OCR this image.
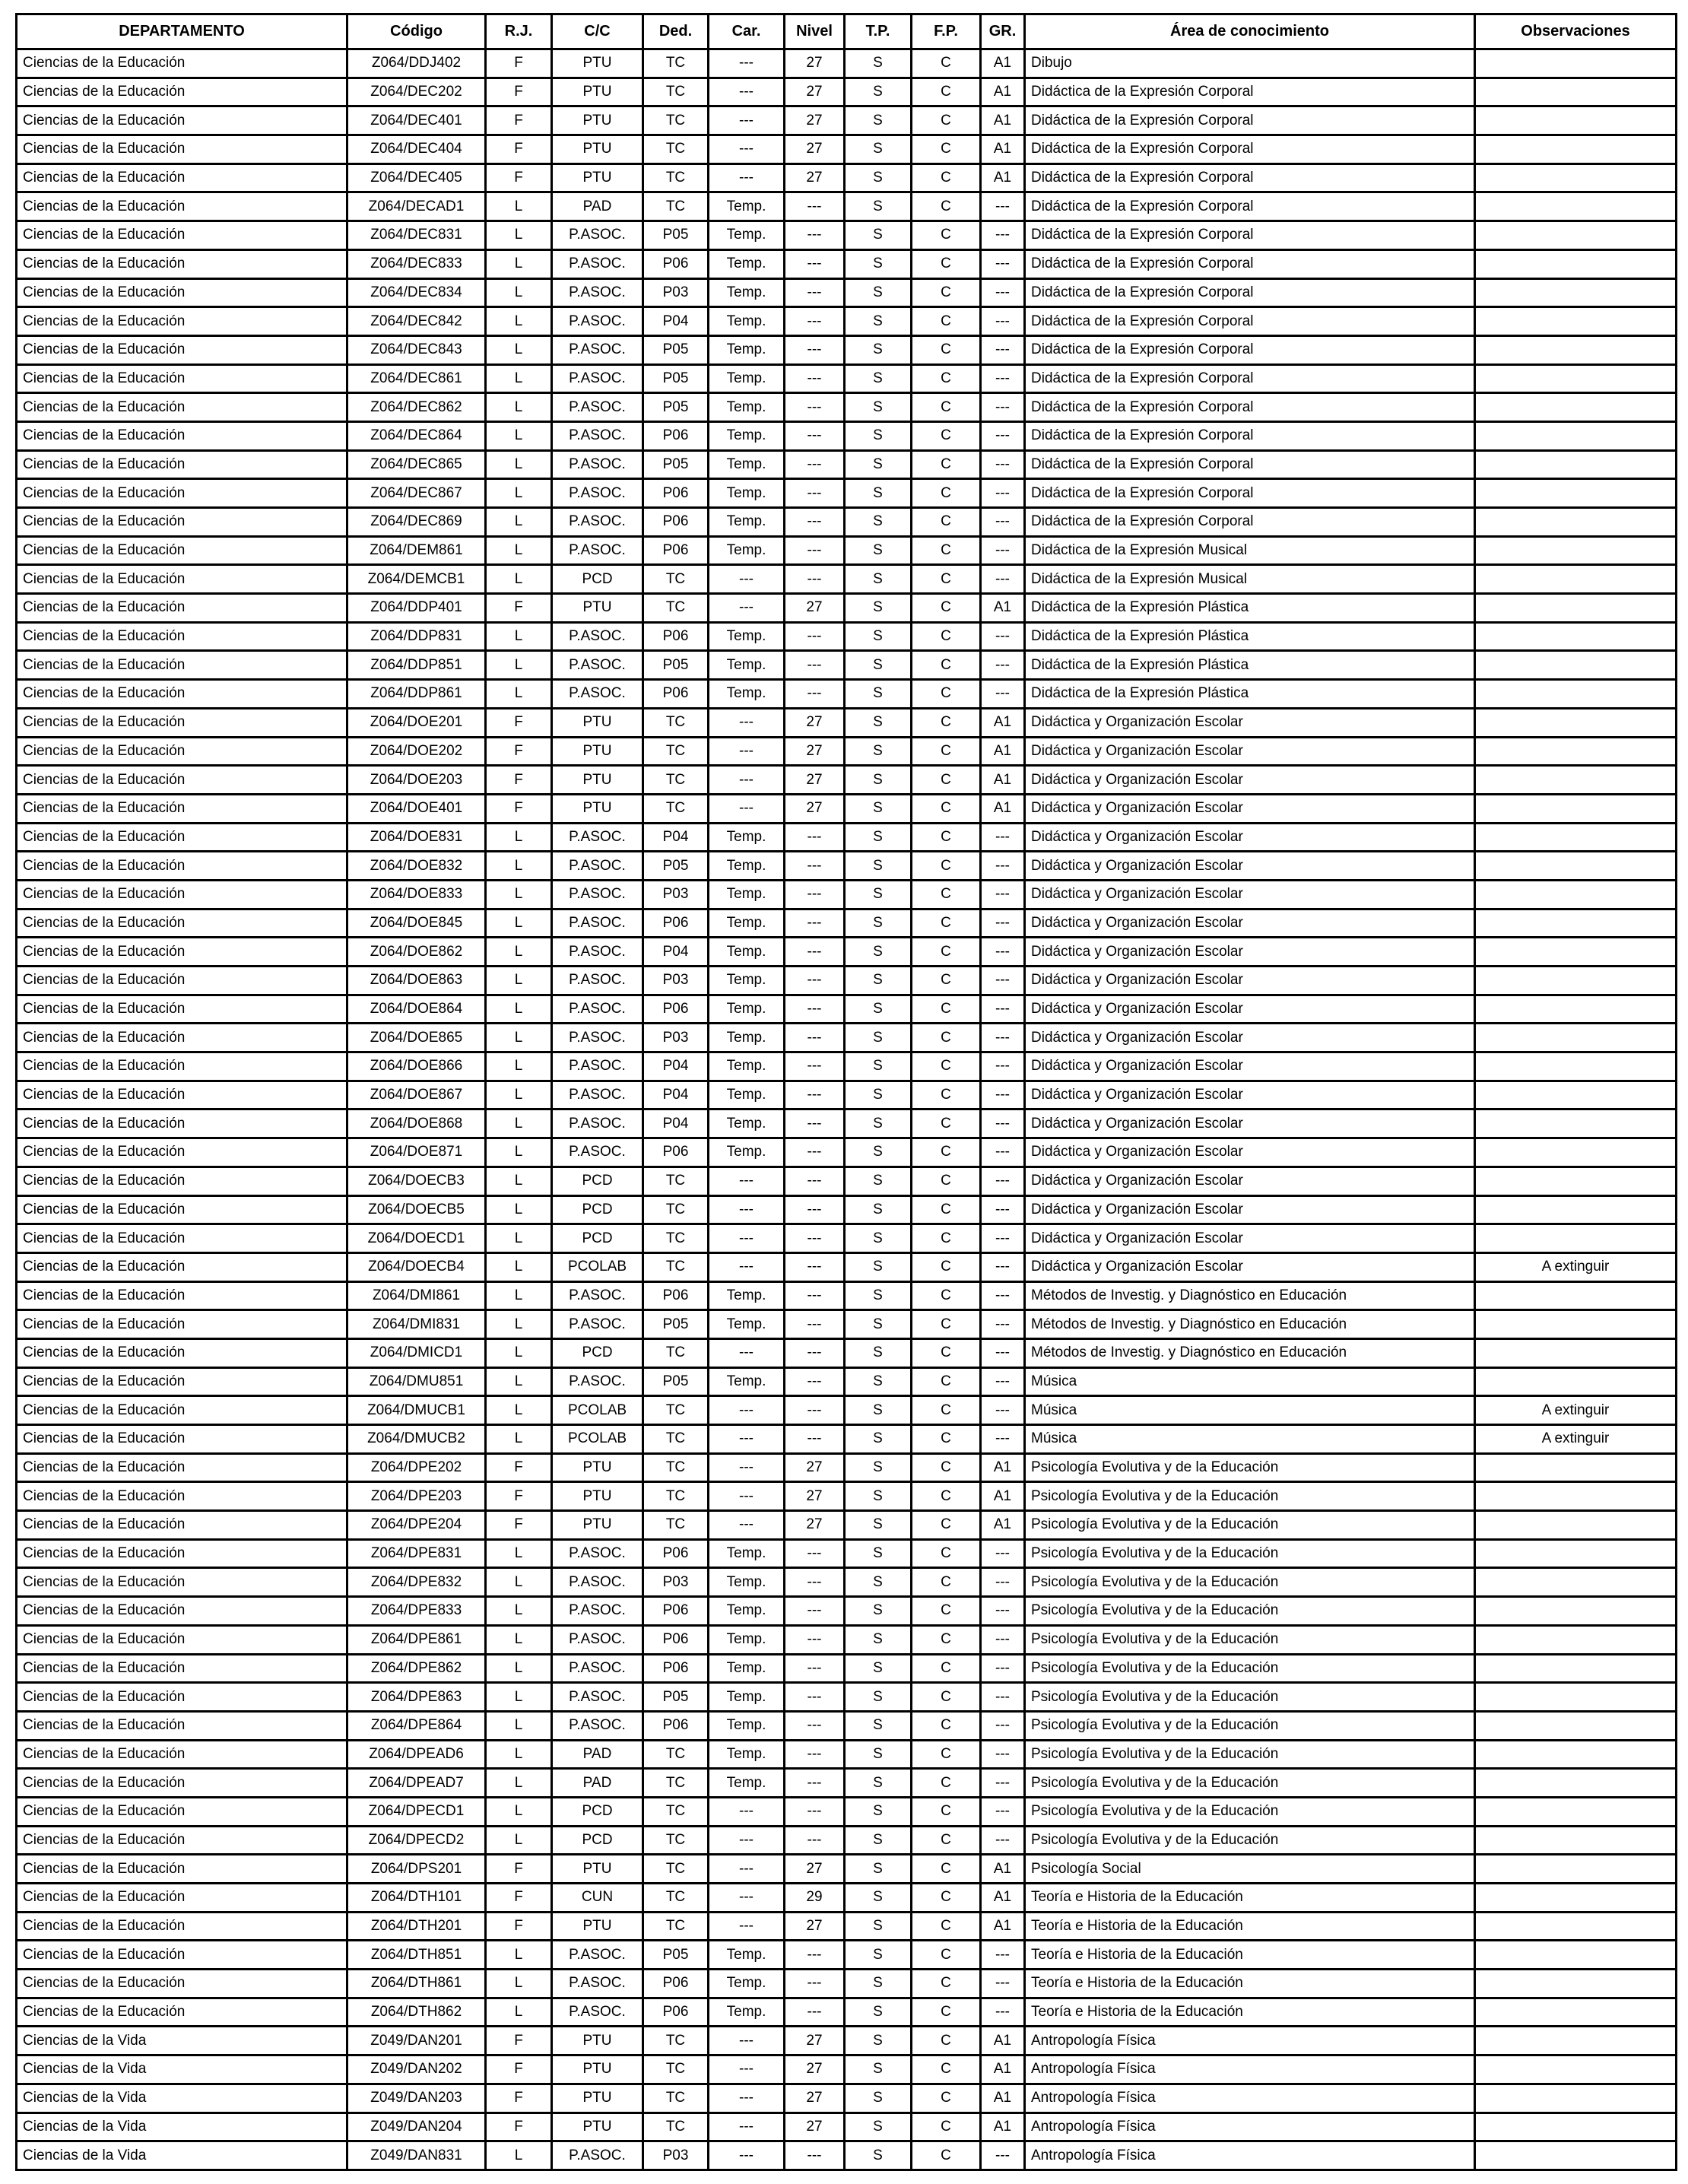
DEPARTAMENTO	Código	R.J.	C/C	Ded.	Car.	Nivel	T.P.	F.P.	GR.	Área de conocimiento	Observaciones
Ciencias de la Educación	Z064/DDJ402	F	PTU	TC	---	27	S	C	A1	Dibujo	
Ciencias de la Educación	Z064/DEC202	F	PTU	TC	---	27	S	C	A1	Didáctica de la Expresión Corporal	
Ciencias de la Educación	Z064/DEC401	F	PTU	TC	---	27	S	C	A1	Didáctica de la Expresión Corporal	
Ciencias de la Educación	Z064/DEC404	F	PTU	TC	---	27	S	C	A1	Didáctica de la Expresión Corporal	
Ciencias de la Educación	Z064/DEC405	F	PTU	TC	---	27	S	C	A1	Didáctica de la Expresión Corporal	
Ciencias de la Educación	Z064/DECAD1	L	PAD	TC	Temp.	---	S	C	---	Didáctica de la Expresión Corporal	
Ciencias de la Educación	Z064/DEC831	L	P.ASOC.	P05	Temp.	---	S	C	---	Didáctica de la Expresión Corporal	
Ciencias de la Educación	Z064/DEC833	L	P.ASOC.	P06	Temp.	---	S	C	---	Didáctica de la Expresión Corporal	
Ciencias de la Educación	Z064/DEC834	L	P.ASOC.	P03	Temp.	---	S	C	---	Didáctica de la Expresión Corporal	
Ciencias de la Educación	Z064/DEC842	L	P.ASOC.	P04	Temp.	---	S	C	---	Didáctica de la Expresión Corporal	
Ciencias de la Educación	Z064/DEC843	L	P.ASOC.	P05	Temp.	---	S	C	---	Didáctica de la Expresión Corporal	
Ciencias de la Educación	Z064/DEC861	L	P.ASOC.	P05	Temp.	---	S	C	---	Didáctica de la Expresión Corporal	
Ciencias de la Educación	Z064/DEC862	L	P.ASOC.	P05	Temp.	---	S	C	---	Didáctica de la Expresión Corporal	
Ciencias de la Educación	Z064/DEC864	L	P.ASOC.	P06	Temp.	---	S	C	---	Didáctica de la Expresión Corporal	
Ciencias de la Educación	Z064/DEC865	L	P.ASOC.	P05	Temp.	---	S	C	---	Didáctica de la Expresión Corporal	
Ciencias de la Educación	Z064/DEC867	L	P.ASOC.	P06	Temp.	---	S	C	---	Didáctica de la Expresión Corporal	
Ciencias de la Educación	Z064/DEC869	L	P.ASOC.	P06	Temp.	---	S	C	---	Didáctica de la Expresión Corporal	
Ciencias de la Educación	Z064/DEM861	L	P.ASOC.	P06	Temp.	---	S	C	---	Didáctica de la Expresión Musical	
Ciencias de la Educación	Z064/DEMCB1	L	PCD	TC	---	---	S	C	---	Didáctica de la Expresión Musical	
Ciencias de la Educación	Z064/DDP401	F	PTU	TC	---	27	S	C	A1	Didáctica de la Expresión Plástica	
Ciencias de la Educación	Z064/DDP831	L	P.ASOC.	P06	Temp.	---	S	C	---	Didáctica de la Expresión Plástica	
Ciencias de la Educación	Z064/DDP851	L	P.ASOC.	P05	Temp.	---	S	C	---	Didáctica de la Expresión Plástica	
Ciencias de la Educación	Z064/DDP861	L	P.ASOC.	P06	Temp.	---	S	C	---	Didáctica de la Expresión Plástica	
Ciencias de la Educación	Z064/DOE201	F	PTU	TC	---	27	S	C	A1	Didáctica y Organización Escolar	
Ciencias de la Educación	Z064/DOE202	F	PTU	TC	---	27	S	C	A1	Didáctica y Organización Escolar	
Ciencias de la Educación	Z064/DOE203	F	PTU	TC	---	27	S	C	A1	Didáctica y Organización Escolar	
Ciencias de la Educación	Z064/DOE401	F	PTU	TC	---	27	S	C	A1	Didáctica y Organización Escolar	
Ciencias de la Educación	Z064/DOE831	L	P.ASOC.	P04	Temp.	---	S	C	---	Didáctica y Organización Escolar	
Ciencias de la Educación	Z064/DOE832	L	P.ASOC.	P05	Temp.	---	S	C	---	Didáctica y Organización Escolar	
Ciencias de la Educación	Z064/DOE833	L	P.ASOC.	P03	Temp.	---	S	C	---	Didáctica y Organización Escolar	
Ciencias de la Educación	Z064/DOE845	L	P.ASOC.	P06	Temp.	---	S	C	---	Didáctica y Organización Escolar	
Ciencias de la Educación	Z064/DOE862	L	P.ASOC.	P04	Temp.	---	S	C	---	Didáctica y Organización Escolar	
Ciencias de la Educación	Z064/DOE863	L	P.ASOC.	P03	Temp.	---	S	C	---	Didáctica y Organización Escolar	
Ciencias de la Educación	Z064/DOE864	L	P.ASOC.	P06	Temp.	---	S	C	---	Didáctica y Organización Escolar	
Ciencias de la Educación	Z064/DOE865	L	P.ASOC.	P03	Temp.	---	S	C	---	Didáctica y Organización Escolar	
Ciencias de la Educación	Z064/DOE866	L	P.ASOC.	P04	Temp.	---	S	C	---	Didáctica y Organización Escolar	
Ciencias de la Educación	Z064/DOE867	L	P.ASOC.	P04	Temp.	---	S	C	---	Didáctica y Organización Escolar	
Ciencias de la Educación	Z064/DOE868	L	P.ASOC.	P04	Temp.	---	S	C	---	Didáctica y Organización Escolar	
Ciencias de la Educación	Z064/DOE871	L	P.ASOC.	P06	Temp.	---	S	C	---	Didáctica y Organización Escolar	
Ciencias de la Educación	Z064/DOECB3	L	PCD	TC	---	---	S	C	---	Didáctica y Organización Escolar	
Ciencias de la Educación	Z064/DOECB5	L	PCD	TC	---	---	S	C	---	Didáctica y Organización Escolar	
Ciencias de la Educación	Z064/DOECD1	L	PCD	TC	---	---	S	C	---	Didáctica y Organización Escolar	
Ciencias de la Educación	Z064/DOECB4	L	PCOLAB	TC	---	---	S	C	---	Didáctica y Organización Escolar	A extinguir
Ciencias de la Educación	Z064/DMI861	L	P.ASOC.	P06	Temp.	---	S	C	---	Métodos de Investig. y Diagnóstico en Educación	
Ciencias de la Educación	Z064/DMI831	L	P.ASOC.	P05	Temp.	---	S	C	---	Métodos de Investig. y Diagnóstico en Educación	
Ciencias de la Educación	Z064/DMICD1	L	PCD	TC	---	---	S	C	---	Métodos de Investig. y Diagnóstico en Educación	
Ciencias de la Educación	Z064/DMU851	L	P.ASOC.	P05	Temp.	---	S	C	---	Música	
Ciencias de la Educación	Z064/DMUCB1	L	PCOLAB	TC	---	---	S	C	---	Música	A extinguir
Ciencias de la Educación	Z064/DMUCB2	L	PCOLAB	TC	---	---	S	C	---	Música	A extinguir
Ciencias de la Educación	Z064/DPE202	F	PTU	TC	---	27	S	C	A1	Psicología Evolutiva y de la Educación	
Ciencias de la Educación	Z064/DPE203	F	PTU	TC	---	27	S	C	A1	Psicología Evolutiva y de la Educación	
Ciencias de la Educación	Z064/DPE204	F	PTU	TC	---	27	S	C	A1	Psicología Evolutiva y de la Educación	
Ciencias de la Educación	Z064/DPE831	L	P.ASOC.	P06	Temp.	---	S	C	---	Psicología Evolutiva y de la Educación	
Ciencias de la Educación	Z064/DPE832	L	P.ASOC.	P03	Temp.	---	S	C	---	Psicología Evolutiva y de la Educación	
Ciencias de la Educación	Z064/DPE833	L	P.ASOC.	P06	Temp.	---	S	C	---	Psicología Evolutiva y de la Educación	
Ciencias de la Educación	Z064/DPE861	L	P.ASOC.	P06	Temp.	---	S	C	---	Psicología Evolutiva y de la Educación	
Ciencias de la Educación	Z064/DPE862	L	P.ASOC.	P06	Temp.	---	S	C	---	Psicología Evolutiva y de la Educación	
Ciencias de la Educación	Z064/DPE863	L	P.ASOC.	P05	Temp.	---	S	C	---	Psicología Evolutiva y de la Educación	
Ciencias de la Educación	Z064/DPE864	L	P.ASOC.	P06	Temp.	---	S	C	---	Psicología Evolutiva y de la Educación	
Ciencias de la Educación	Z064/DPEAD6	L	PAD	TC	Temp.	---	S	C	---	Psicología Evolutiva y de la Educación	
Ciencias de la Educación	Z064/DPEAD7	L	PAD	TC	Temp.	---	S	C	---	Psicología Evolutiva y de la Educación	
Ciencias de la Educación	Z064/DPECD1	L	PCD	TC	---	---	S	C	---	Psicología Evolutiva y de la Educación	
Ciencias de la Educación	Z064/DPECD2	L	PCD	TC	---	---	S	C	---	Psicología Evolutiva y de la Educación	
Ciencias de la Educación	Z064/DPS201	F	PTU	TC	---	27	S	C	A1	Psicología Social	
Ciencias de la Educación	Z064/DTH101	F	CUN	TC	---	29	S	C	A1	Teoría e Historia de la Educación	
Ciencias de la Educación	Z064/DTH201	F	PTU	TC	---	27	S	C	A1	Teoría e Historia de la Educación	
Ciencias de la Educación	Z064/DTH851	L	P.ASOC.	P05	Temp.	---	S	C	---	Teoría e Historia de la Educación	
Ciencias de la Educación	Z064/DTH861	L	P.ASOC.	P06	Temp.	---	S	C	---	Teoría e Historia de la Educación	
Ciencias de la Educación	Z064/DTH862	L	P.ASOC.	P06	Temp.	---	S	C	---	Teoría e Historia de la Educación	
Ciencias de la Vida	Z049/DAN201	F	PTU	TC	---	27	S	C	A1	Antropología Física	
Ciencias de la Vida	Z049/DAN202	F	PTU	TC	---	27	S	C	A1	Antropología Física	
Ciencias de la Vida	Z049/DAN203	F	PTU	TC	---	27	S	C	A1	Antropología Física	
Ciencias de la Vida	Z049/DAN204	F	PTU	TC	---	27	S	C	A1	Antropología Física	
Ciencias de la Vida	Z049/DAN831	L	P.ASOC.	P03	---	---	S	C	---	Antropología Física	
